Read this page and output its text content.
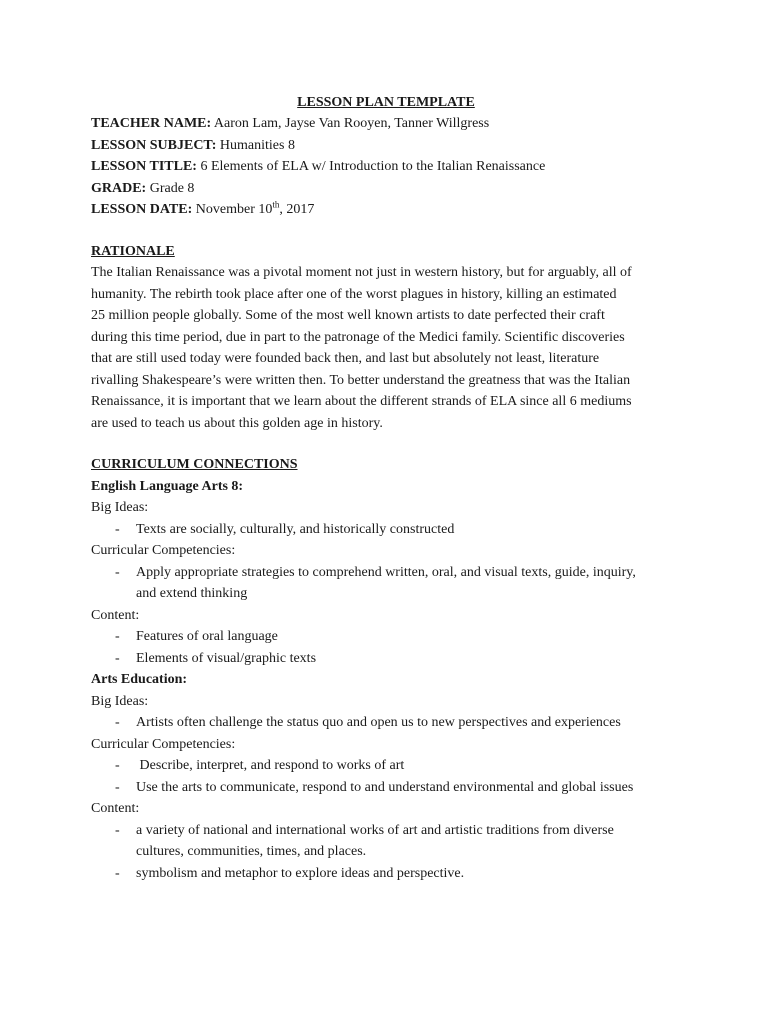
LESSON PLAN TEMPLATE

TEACHER NAME: Aaron Lam, Jayse Van Rooyen, Tanner Willgress

LESSON SUBJECT: Humanities 8

LESSON TITLE: 6 Elements of ELA w/ Introduction to the Italian Renaissance

GRADE: Grade 8

LESSON DATE: November 10th, 2017

RATIONALE

The Italian Renaissance was a pivotal moment not just in western history, but for arguably, all of

humanity. The rebirth took place after one of the worst plagues in history, killing an estimated

25 million people globally. Some of the most well known artists to date perfected their craft

during this time period, due in part to the patronage of the Medici family. Scientific discoveries

that are still used today were founded back then, and last but absolutely not least, literature

rivalling Shakespeare’s were written then. To better understand the greatness that was the Italian

Renaissance, it is important that we learn about the different strands of ELA since all 6 mediums

are used to teach us about this golden age in history.

CURRICULUM CONNECTIONS

English Language Arts 8:

Big Ideas:

- Texts are socially, culturally, and historically constructed

Curricular Competencies:

- Apply appropriate strategies to comprehend written, oral, and visual texts, guide, inquiry,
and extend thinking

Content:

- Features of oral language
- Elements of visual/graphic texts

Arts Education:

Big Ideas:

- Artists often challenge the status quo and open us to new perspectives and experiences

Curricular Competencies:

- Describe, interpret, and respond to works of art
- Use the arts to communicate, respond to and understand environmental and global issues

Content:

- a variety of national and international works of art and artistic traditions from diverse
cultures, communities, times, and places.
- symbolism and metaphor to explore ideas and perspective.
